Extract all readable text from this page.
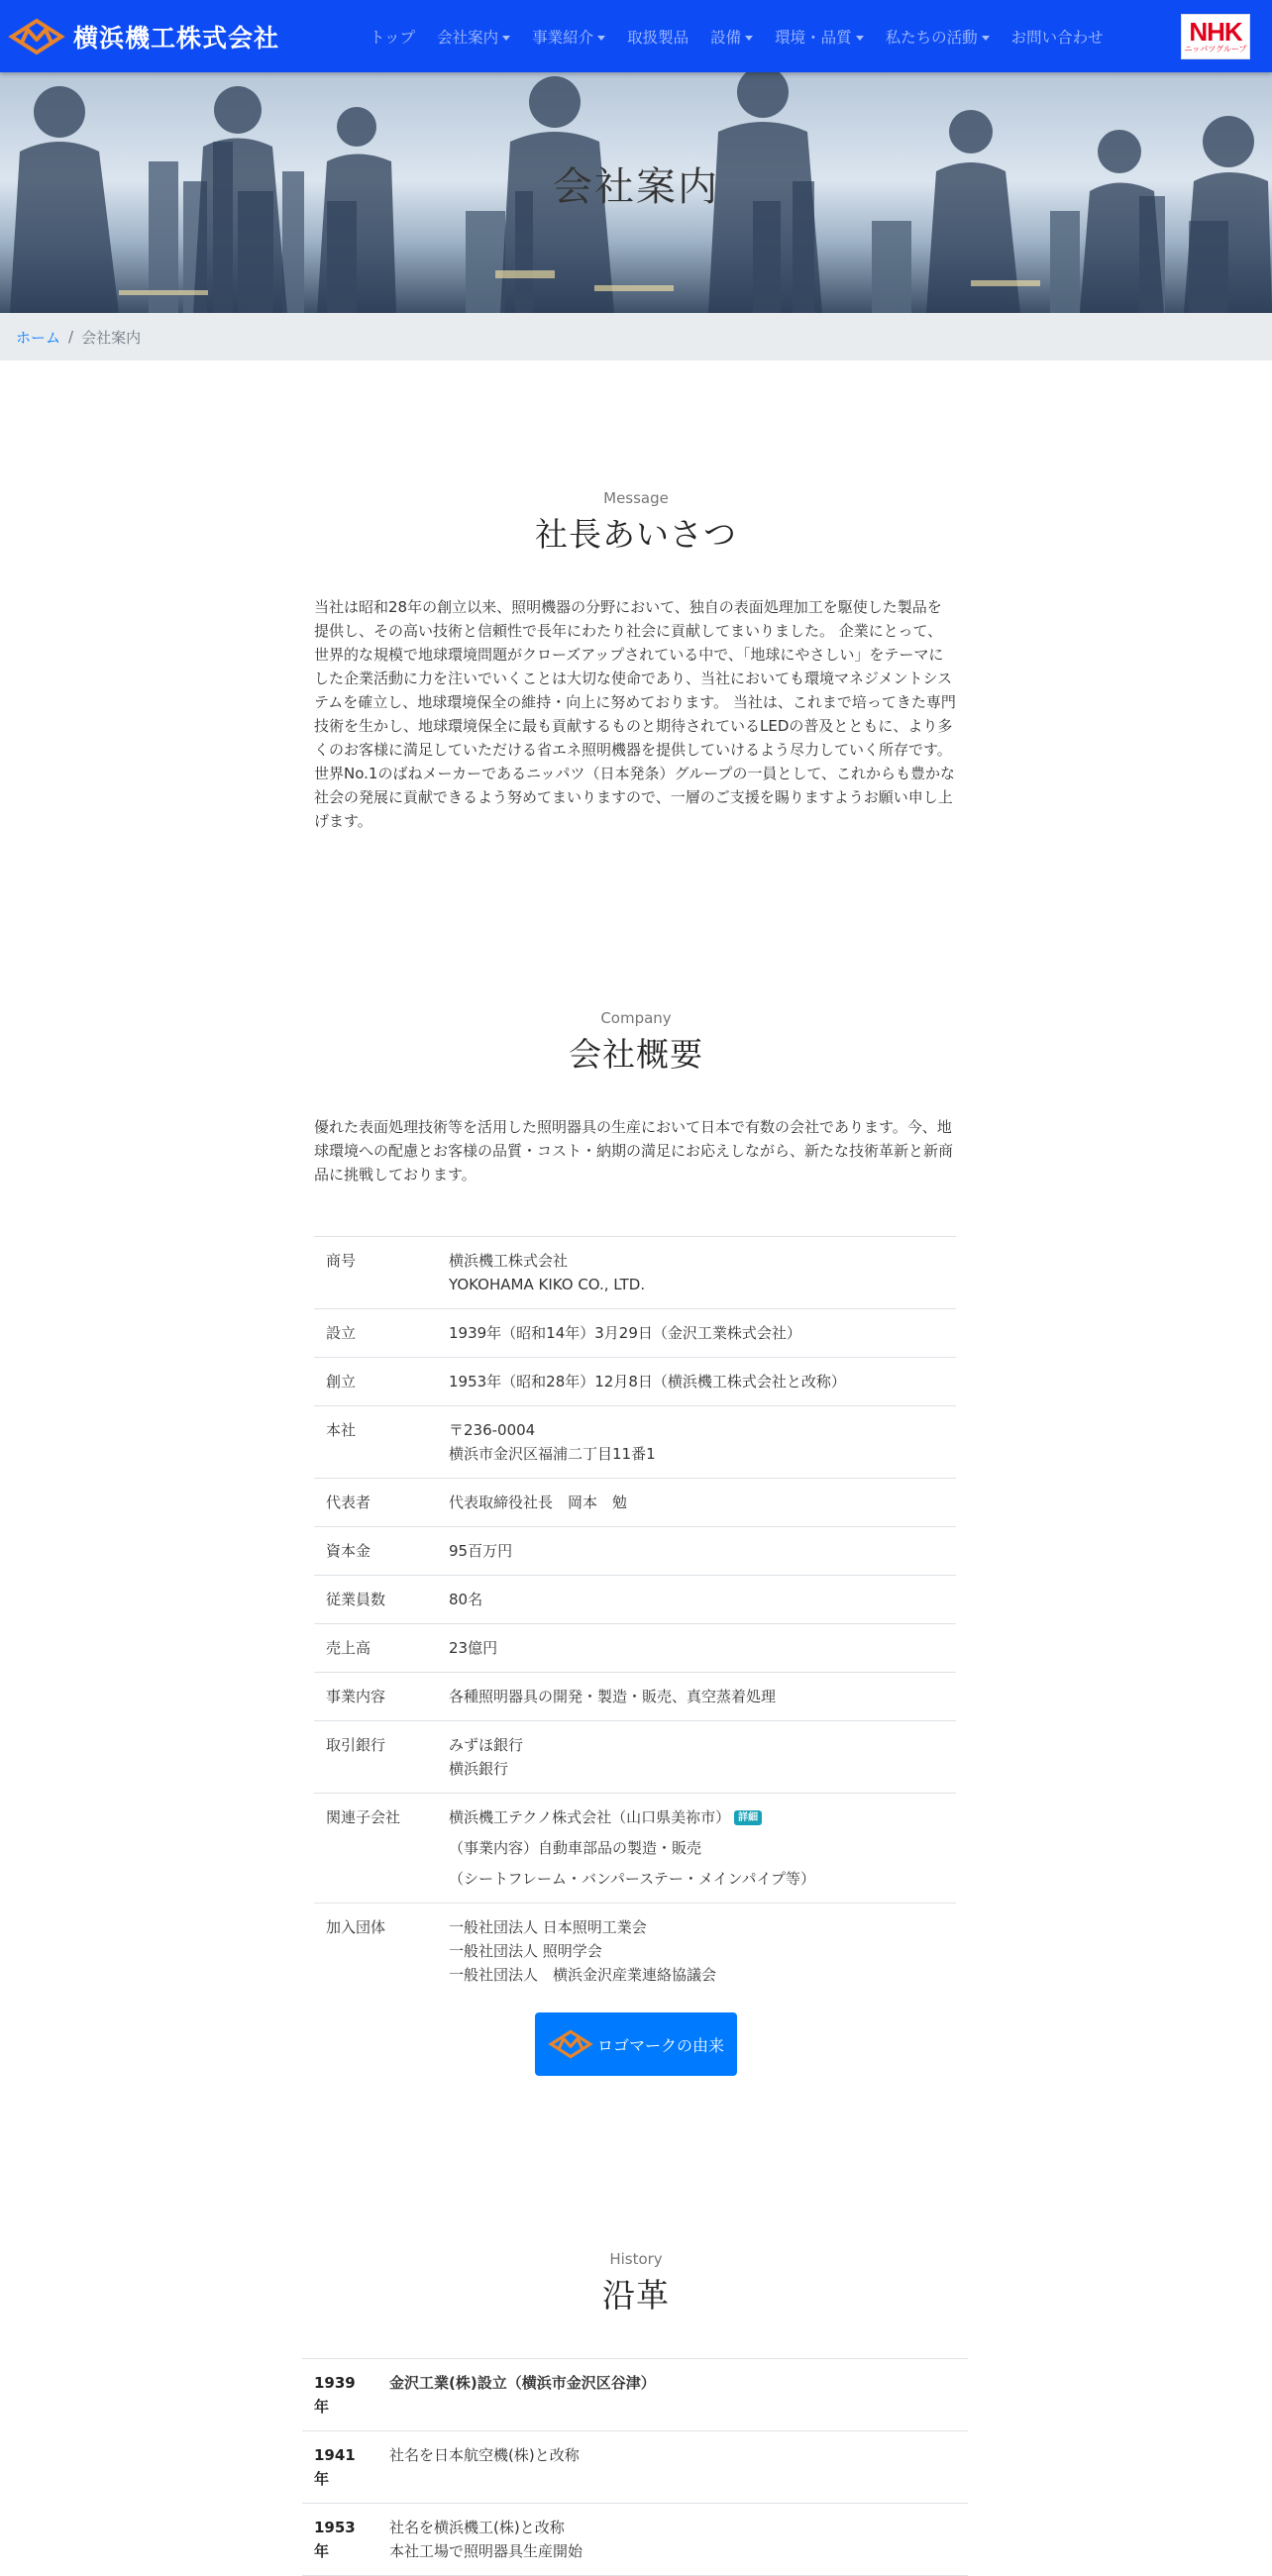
横浜機工株式会社	トップ 会社案内	事業紹介	取扱製品 設備	環境・品質	私たちの活動	お問い合わせ	NHK
ニッパツグループ
会社案内
ホーム / 会社案内
Message
社長あいさつ
当社は昭和28年の創立以来、照明機器の分野において、独自の表面処理加工を駆使した製品を提供し、その高い技術と信頼性で長年にわたり社会に貢献してまいりました。 企業にとって、世界的な規模で地球環境問題がクローズアップされている中で、「地球にやさしい」をテーマにした企業活動に力を注いでいくことは大切な使命であり、当社においても環境マネジメントシステムを確立し、地球環境保全の維持・向上に努めております。 当社は、これまで培ってきた専門技術を生かし、地球環境保全に最も貢献するものと期待されているLEDの普及とともに、より多くのお客様に満足していただける省エネ照明機器を提供していけるよう尽力していく所存です。 世界No.1のばねメーカーであるニッパツ（日本発条）グループの一員として、これからも豊かな社会の発展に貢献できるよう努めてまいりますので、一層のご支援を賜りますようお願い申し上げます。
Company
会社概要
優れた表面処理技術等を活用した照明器具の生産において日本で有数の会社であります。今、地球環境への配慮とお客様の品質・コスト・納期の満足にお応えしながら、新たな技術革新と新商品に挑戦しております。
商号	横浜機工株式会社
YOKOHAMA KIKO CO., LTD.
設立	1939年（昭和14年）3月29日（金沢工業株式会社）
創立	1953年（昭和28年）12月8日（横浜機工株式会社と改称）
本社	〒236-0004
横浜市金沢区福浦二丁目11番1
代表者	代表取締役社長　岡本　勉
資本金	95百万円
従業員数	80名
売上高	23億円
事業内容	各種照明器具の開発・製造・販売、真空蒸着処理
取引銀行	みずほ銀行
横浜銀行
関連子会社	横浜機工テクノ株式会社（山口県美祢市） 詳細
（事業内容）自動車部品の製造・販売
（シートフレーム・バンパーステー・メインパイプ等）

加入団体	一般社団法人 日本照明工業会
一般社団法人 照明学会
一般社団法人　横浜金沢産業連絡協議会
ロゴマークの由来
History
沿革
1939年	金沢工業(株)設立（横浜市金沢区谷津）
1941年	社名を日本航空機(株)と改称
1953年	社名を横浜機工(株)と改称
本社工場で照明器具生産開始
